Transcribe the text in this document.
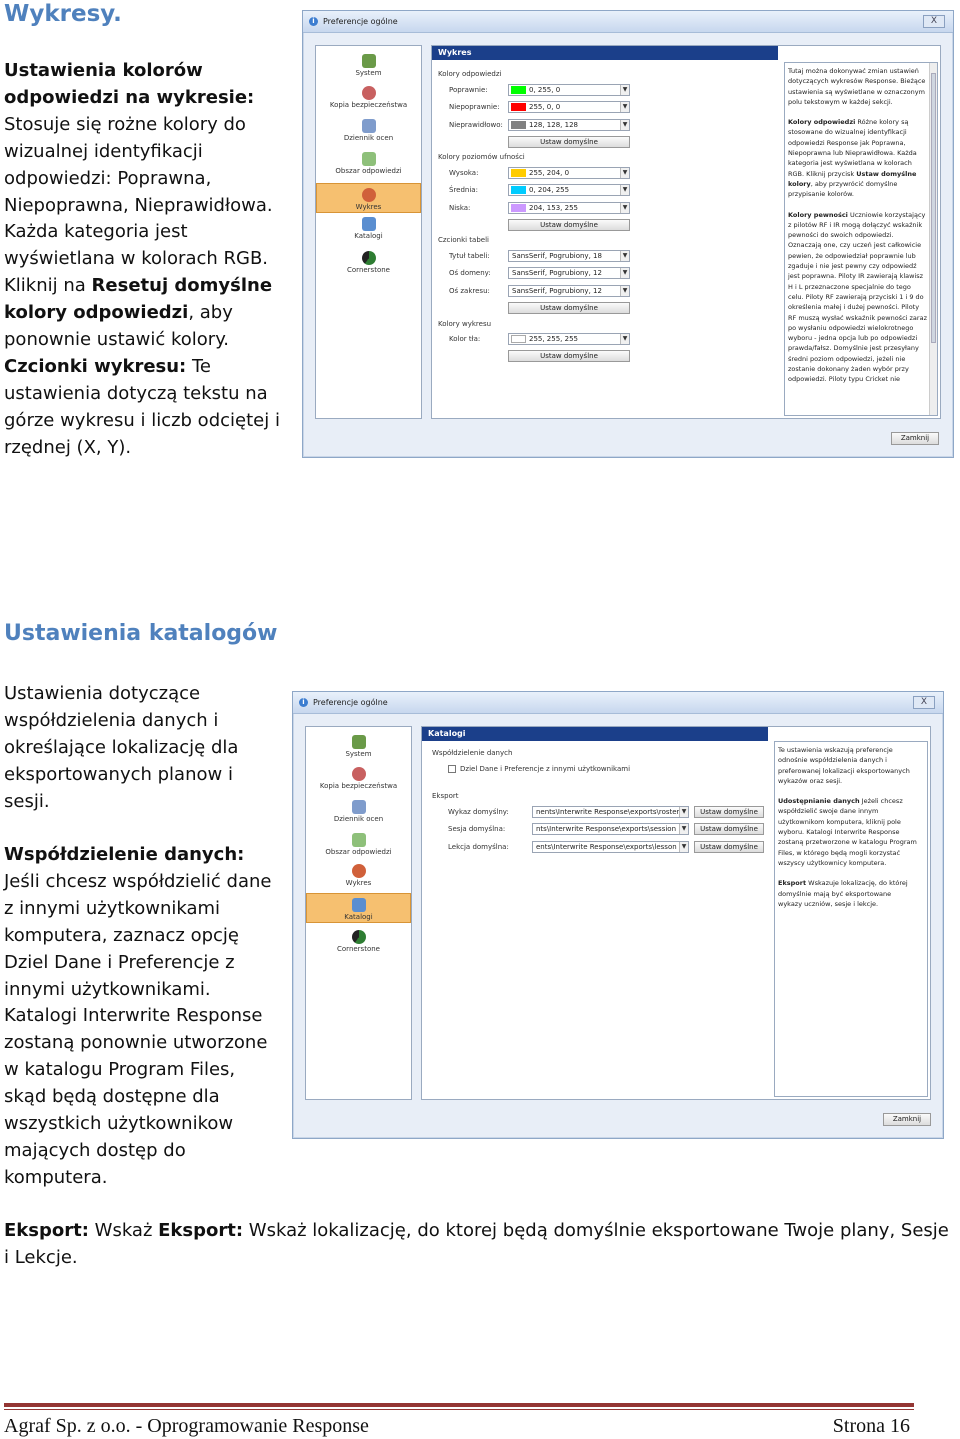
Wykresy.
Ustawienia kolorów odpowiedzi na wykresie: Stosuje się rożne kolory do wizualnej identyfikacji odpowiedzi: Poprawna, Niepoprawna, Nieprawidłowa. Każda kategoria jest wyświetlana w kolorach RGB. Kliknij na Resetuj domyślne kolory odpowiedzi, aby ponownie ustawić kolory. Czcionki wykresu: Te ustawienia dotyczą tekstu na górze wykresu i liczb odciętej i rzędnej (X, Y).
Ustawienia katalogów
Ustawienia dotyczące współdzielenia danych i określające lokalizację dla eksportowanych planow i sesji.
Współdzielenie danych: Jeśli chcesz współdzielić dane z innymi użytkownikami komputera, zaznacz opcję Dziel Dane i Preferencje z innymi użytkownikami. Katalogi Interwrite Response zostaną ponownie utworzone w katalogu Program Files, skąd będą dostępne dla wszystkich użytkownikow mających dostęp do komputera.
Eksport: Wskaż Eksport: Wskaż lokalizację, do ktorej będą domyślnie eksportowane Twoje plany, Sesje i Lekcje.
Agraf Sp. z o.o. - Oprogramowanie Response	Strona 16
i	Preferencje ogólne	X
System
Kopia bezpieczeństwa
Dziennik ocen
Obszar odpowiedzi
Wykres
Katalogi
Cornerstone
Wykres
Kolory odpowiedzi
Poprawnie:	0, 255, 0	▼
Niepoprawnie:	255, 0, 0	▼
Nieprawidłowo:	128, 128, 128	▼
Ustaw domyślne
Kolory poziomów ufności
Wysoka:	255, 204, 0	▼
Średnia:	0, 204, 255	▼
Niska:	204, 153, 255	▼
Ustaw domyślne
Czcionki tabeli
Tytuł tabeli:	SansSerif, Pogrubiony, 18	▼
Oś domeny:	SansSerif, Pogrubiony, 12	▼
Oś zakresu:	SansSerif, Pogrubiony, 12	▼
Ustaw domyślne
Kolory wykresu
Kolor tła:	255, 255, 255	▼
Ustaw domyślne

Tutaj można dokonywać zmian ustawień dotyczących wykresów Response. Bieżące ustawienia są wyświetlane w oznaczonym polu tekstowym w każdej sekcji.

Kolory odpowiedzi Różne kolory są stosowane do wizualnej identyfikacji odpowiedzi Response jak Poprawna, Niepoprawna lub Nieprawidłowa. Każda kategoria jest wyświetlana w kolorach RGB. Kliknij przycisk Ustaw domyślne kolory, aby przywrócić domyślne przypisanie kolorów.

Kolory pewności Uczniowie korzystający z pilotów RF i IR mogą dołączyć wskaźnik pewności do swoich odpowiedzi. Oznaczają one, czy uczeń jest całkowicie pewien, że odpowiedział poprawnie lub zgaduje i nie jest pewny czy odpowiedź jest poprawna. Piloty IR zawierają klawisz H i L przeznaczone specjalnie do tego celu. Piloty RF zawierają przyciski 1 i 9 do określenia małej i dużej pewności. Piloty RF muszą wysłać wskaźnik pewności zaraz po wysłaniu odpowiedzi wielokrotnego wyboru - jedna opcja lub po odpowiedzi prawda/fałsz. Domyślnie jest przesyłany średni poziom odpowiedzi, jeżeli nie zostanie dokonany żaden wybór przy odpowiedzi. Piloty typu Cricket nie

Zamknij
i	Preferencje ogólne	X
System
Kopia bezpieczeństwa
Dziennik ocen
Obszar odpowiedzi
Wykres
Katalogi
Cornerstone
Katalogi
Współdzielenie danych
Dziel Dane i Preferencje z innymi użytkownikami
Eksport
Wykaz domyślny:	nents\Interwrite Response\exports\roster ▼	Ustaw domyślne
Sesja domyślna:	nts\Interwrite Response\exports\session ▼	Ustaw domyślne
Lekcja domyślna:	ents\Interwrite Response\exports\lesson ▼	Ustaw domyślne

Te ustawienia wskazują preferencje odnośnie współdzielenia danych i preferowanej lokalizacji eksportowanych wykazów oraz sesji.

Udostępnianie danych Jeżeli chcesz współdzielić swoje dane innym użytkownikom komputera, kliknij pole wyboru. Katalogi Interwrite Response zostaną przetworzone w katalogu Program Files, w którego będą mogli korzystać wszyscy użytkownicy komputera.

Eksport Wskazuje lokalizację, do której domyślnie mają być eksportowane wykazy uczniów, sesje i lekcje.

Zamknij
